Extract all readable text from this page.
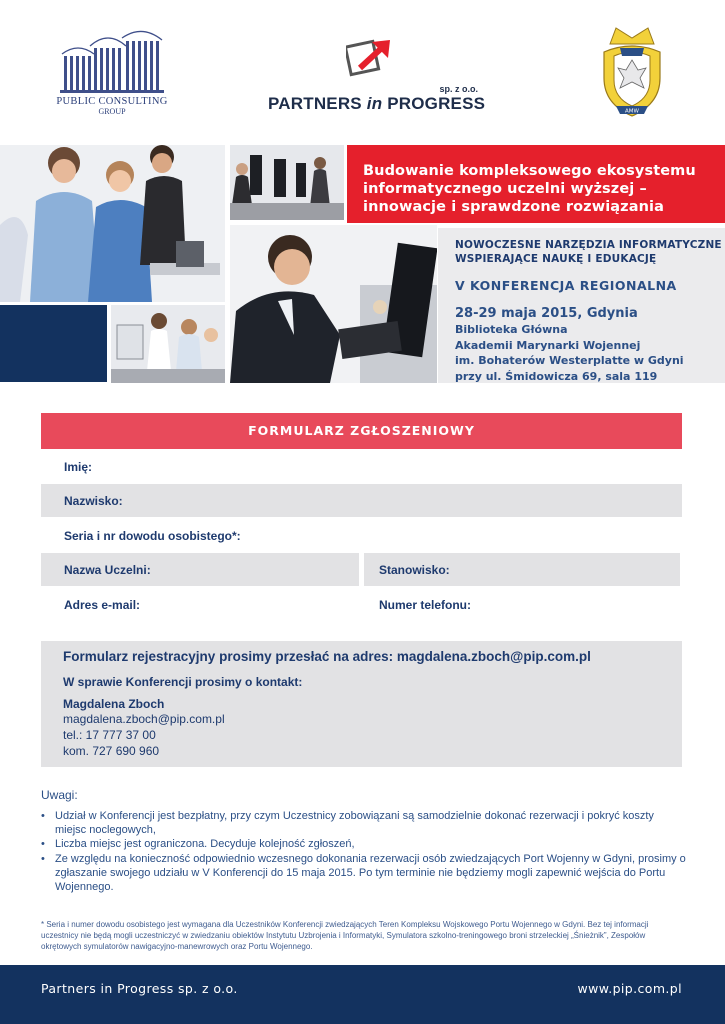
PUBLIC CONSULTING
GROUP
sp. z o.o.
PARTNERS in PROGRESS	AMW
Budowanie kompleksowego ekosystemu
informatycznego uczelni wyższej –
innowacje i sprawdzone rozwiązania
NOWOCZESNE NARZĘDZIA INFORMATYCZNE
WSPIERAJĄCE NAUKĘ I EDUKACJĘ
V KONFERENCJA REGIONALNA
28-29 maja 2015, Gdynia
Biblioteka Główna
Akademii Marynarki Wojennej
im. Bohaterów Westerplatte w Gdyni
przy ul. Śmidowicza 69, sala 119
FORMULARZ ZGŁOSZENIOWY
Imię:
Nazwisko:
Seria i nr dowodu osobistego*:
Nazwa Uczelni:	Stanowisko:
Adres e-mail:	Numer telefonu:
Formularz rejestracyjny prosimy przesłać na adres: magdalena.zboch@pip.com.pl
W sprawie Konferencji prosimy o kontakt:
Magdalena Zboch
magdalena.zboch@pip.com.pl
tel.: 17 777 37 00
kom. 727 690 960
Uwagi:
• Udział w Konferencji jest bezpłatny, przy czym Uczestnicy zobowiązani są samodzielnie dokonać rezerwacji i pokryć koszty miejsc noclegowych,
• Liczba miejsc jest ograniczona. Decyduje kolejność zgłoszeń,
• Ze względu na konieczność odpowiednio wczesnego dokonania rezerwacji osób zwiedzających Port Wojenny w Gdyni, prosimy o zgłaszanie swojego udziału w V Konferencji do 15 maja 2015. Po tym terminie nie będziemy mogli zapewnić wejścia do Portu Wojennego.
* Seria i numer dowodu osobistego jest wymagana dla Uczestników Konferencji zwiedzających Teren Kompleksu Wojskowego Portu Wojennego w Gdyni. Bez tej informacji uczestnicy nie będą mogli uczestniczyć w zwiedzaniu obiektów Instytutu Uzbrojenia i Informatyki, Symulatora szkolno-treningowego broni strzeleckiej „Śnieżnik”, Zespołów okrętowych symulatorów nawigacyjno-manewrowych oraz Portu Wojennego.
Partners in Progress sp. z o.o.	www.pip.com.pl
